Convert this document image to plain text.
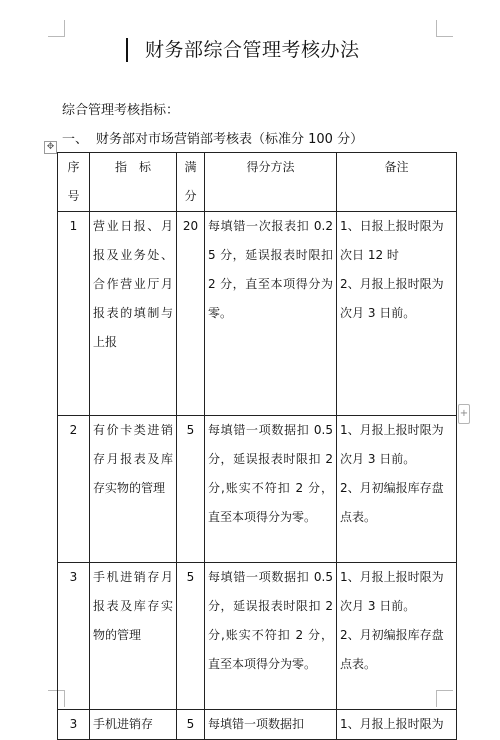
财务部综合管理考核办法
综合管理考核指标：
一、 财务部对市场营销部考核表（标准分 100 分）
✥
+
序号	指　标	满分	得分方法	备注

1	营业日报、月报及业务处、合作营业厅月报表的填制与上报	20	每填错一次报表扣 0.25 分，延误报表时限扣 2 分，直至本项得分为零。	1、日报上报时限为次日 12 时
2、月报上报时限为次月 3 日前。

2	有价卡类进销存月报表及库存实物的管理	5	每填错一项数据扣 0.5 分，延误报表时限扣 2 分,账实不符扣 2 分，直至本项得分为零。	1、月报上报时限为次月 3 日前。
2、月初编报库存盘点表。

3	手机进销存月报表及库存实物的管理	5	每填错一项数据扣 0.5 分，延误报表时限扣 2 分,账实不符扣 2 分，直至本项得分为零。	1、月报上报时限为次月 3 日前。
2、月初编报库存盘点表。

3	手机进销存	5	每填错一项数据扣	1、月报上报时限为
